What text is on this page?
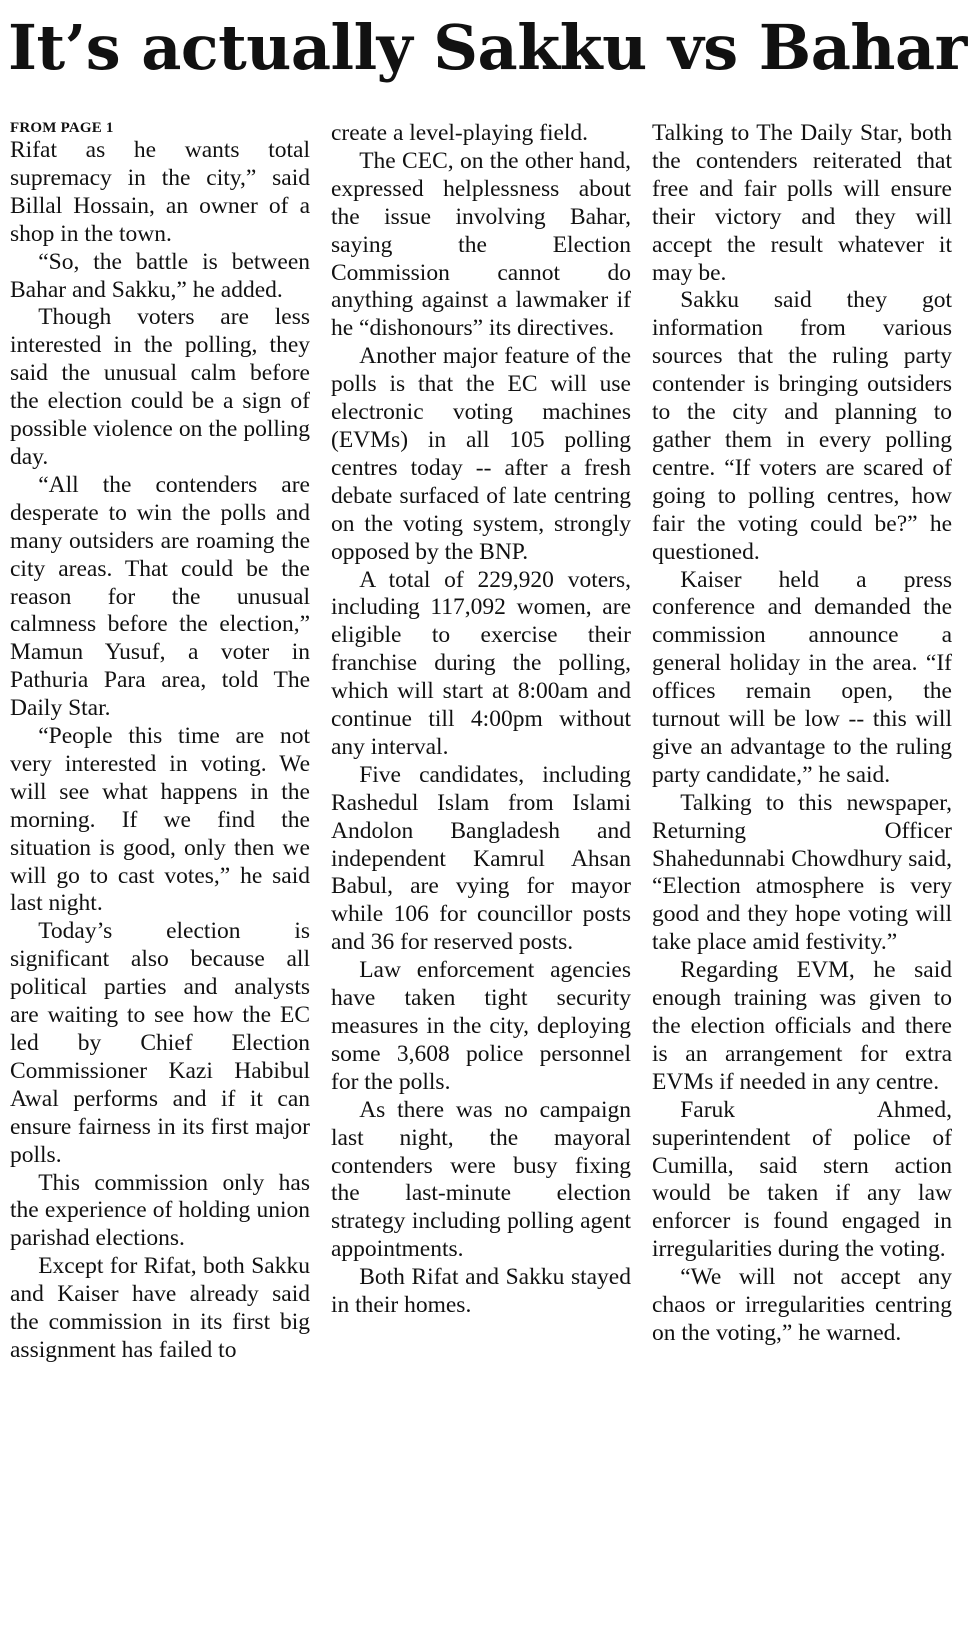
It’s actually Sakku vs Bahar
FROM PAGE 1

Rifat as he wants total supremacy in the city,” said Billal Hossain, an owner of a shop in the town.

“So, the battle is between Bahar and Sakku,” he added.

Though voters are less interested in the polling, they said the unusual calm before the election could be a sign of possible violence on the polling day.

“All the contenders are desperate to win the polls and many outsiders are roaming the city areas. That could be the reason for the unusual calmness before the election,” Mamun Yusuf, a voter in Pathuria Para area, told The Daily Star.

“People this time are not very interested in voting. We will see what happens in the morning. If we find the situation is good, only then we will go to cast votes,” he said last night.

Today’s election is significant also because all political parties and analysts are waiting to see how the EC led by Chief Election Commissioner Kazi Habibul Awal performs and if it can ensure fairness in its first major polls.

This commission only has the experience of holding union parishad elections.

Except for Rifat, both Sakku and Kaiser have already said the commission in its first big assignment has failed to

create a level-playing field.

The CEC, on the other hand, expressed helplessness about the issue involving Bahar, saying the Election Commission cannot do anything against a lawmaker if he “dishonours” its directives.

Another major feature of the polls is that the EC will use electronic voting machines (EVMs) in all 105 polling centres today -- after a fresh debate surfaced of late centring on the voting system, strongly opposed by the BNP.

A total of 229,920 voters, including 117,092 women, are eligible to exercise their franchise during the polling, which will start at 8:00am and continue till 4:00pm without any interval.

Five candidates, including Rashedul Islam from Islami Andolon Bangladesh and independent Kamrul Ahsan Babul, are vying for mayor while 106 for councillor posts and 36 for reserved posts.

Law enforcement agencies have taken tight security measures in the city, deploying some 3,608 police personnel for the polls.

As there was no campaign last night, the mayoral contenders were busy fixing the last-minute election strategy including polling agent appointments.

Both Rifat and Sakku stayed in their homes.

Talking to The Daily Star, both the contenders reiterated that free and fair polls will ensure their victory and they will accept the result whatever it may be.

Sakku said they got information from various sources that the ruling party contender is bringing outsiders to the city and planning to gather them in every polling centre. “If voters are scared of going to polling centres, how fair the voting could be?” he questioned.

Kaiser held a press conference and demanded the commission announce a general holiday in the area. “If offices remain open, the turnout will be low -- this will give an advantage to the ruling party candidate,” he said.

Talking to this newspaper, Returning Officer Shahedunnabi Chowdhury said, “Election atmosphere is very good and they hope voting will take place amid festivity.”

Regarding EVM, he said enough training was given to the election officials and there is an arrangement for extra EVMs if needed in any centre.

Faruk Ahmed, superintendent of police of Cumilla, said stern action would be taken if any law enforcer is found engaged in irregularities during the voting.

“We will not accept any chaos or irregularities centring on the voting,” he warned.
